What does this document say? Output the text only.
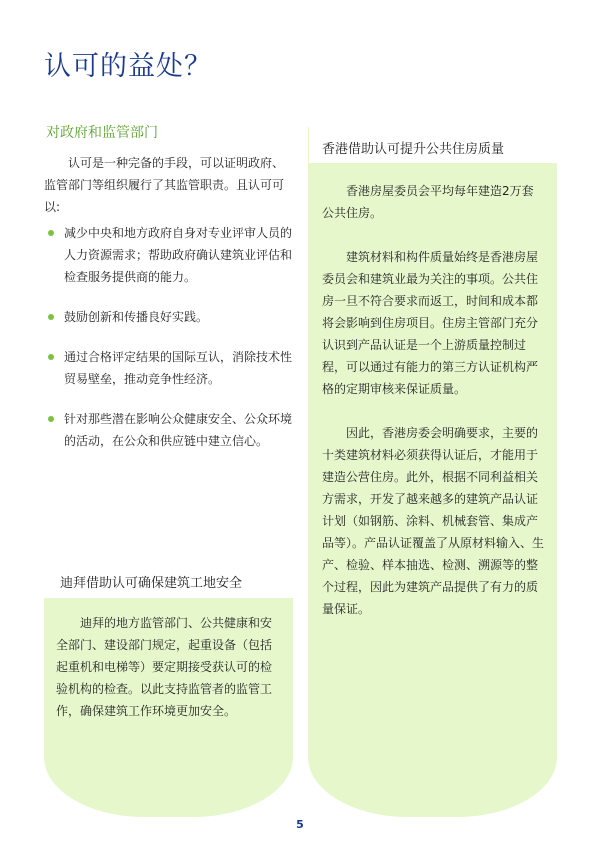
认可的益处？
对政府和监管部门
认可是一种完备的手段，可以证明政府、监管部门等组织履行了其监管职责。且认可可以:
减少中央和地方政府自身对专业评审人员的人力资源需求；帮助政府确认建筑业评估和检查服务提供商的能力。
鼓励创新和传播良好实践。
通过合格评定结果的国际互认，消除技术性贸易壁垒，推动竞争性经济。
针对那些潜在影响公众健康安全、公众环境的活动，在公众和供应链中建立信心。
香港借助认可提升公共住房质量

香港房屋委员会平均每年建造2万套公共住房。

建筑材料和构件质量始终是香港房屋委员会和建筑业最为关注的事项。公共住房一旦不符合要求而返工，时间和成本都将会影响到住房项目。住房主管部门充分认识到产品认证是一个上游质量控制过程，可以通过有能力的第三方认证机构严格的定期审核来保证质量。

因此，香港房委会明确要求，主要的十类建筑材料必须获得认证后，才能用于建造公营住房。此外，根据不同利益相关方需求，开发了越来越多的建筑产品认证计划（如钢筋、涂料、机械套管、集成产品等）。产品认证覆盖了从原材料输入、生产、检验、样本抽选、检测、溯源等的整个过程，因此为建筑产品提供了有力的质量保证。

迪拜借助认可确保建筑工地安全

迪拜的地方监管部门、公共健康和安全部门、建设部门规定，起重设备（包括起重机和电梯等）要定期接受获认可的检验机构的检查。以此支持监管者的监管工作，确保建筑工作环境更加安全。

5
